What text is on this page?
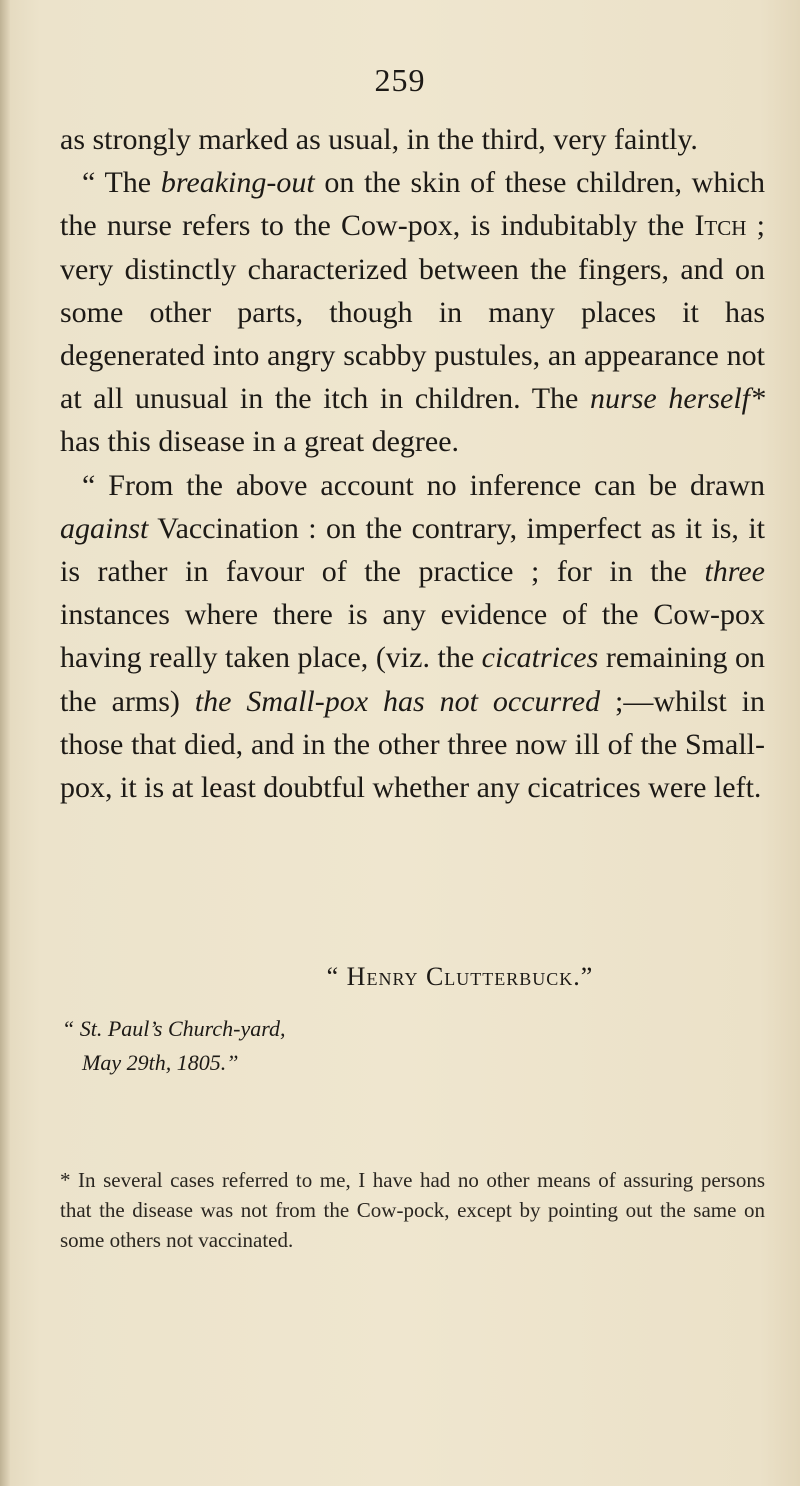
259

as strongly marked as usual, in the third, very faintly.

“ The breaking-out on the skin of these children, which the nurse refers to the Cow-pox, is indubitably the Itch ; very distinctly characterized between the fingers, and on some other parts, though in many places it has degenerated into angry scabby pustules, an appearance not at all unusual in the itch in children. The nurse herself* has this disease in a great degree.

“ From the above account no inference can be drawn against Vaccination : on the contrary, imperfect as it is, it is rather in favour of the practice ; for in the three instances where there is any evidence of the Cow-pox having really taken place, (viz. the cicatrices remaining on the arms) the Small-pox has not occurred ;—whilst in those that died, and in the other three now ill of the Small-pox, it is at least doubtful whether any cicatrices were left.

“ Henry Clutterbuck.”
“ St. Paul’s Church-yard,
May 29th, 1805.”
* In several cases referred to me, I have had no other means of assuring persons that the disease was not from the Cow-pock, except by pointing out the same on some others not vaccinated.
